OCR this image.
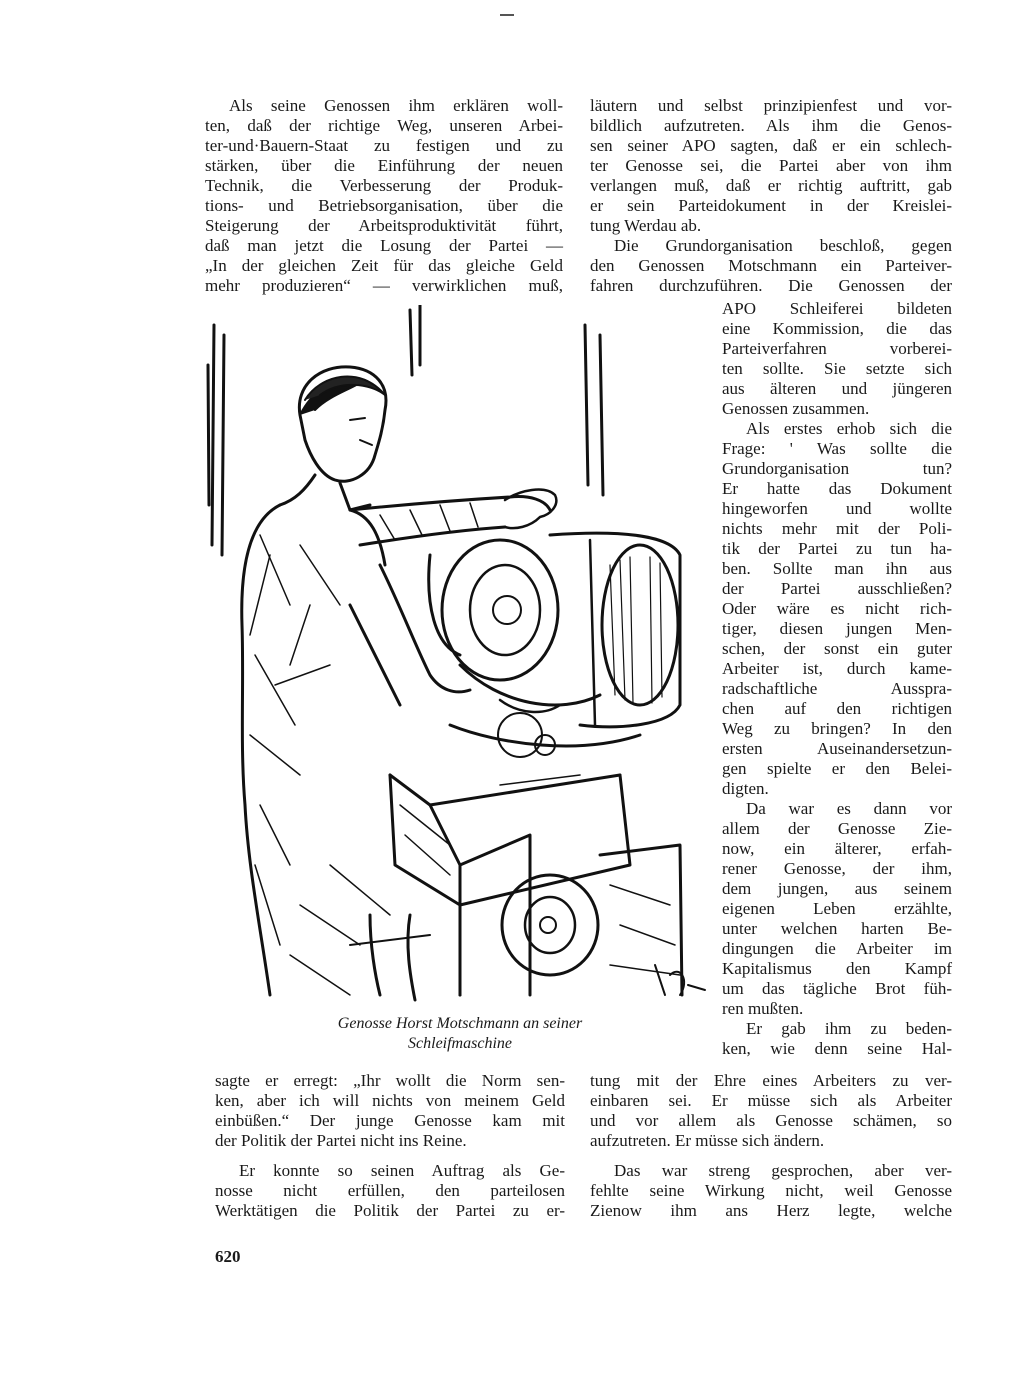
Als seine Genossen ihm erklären woll-
ten, daß der richtige Weg, unseren Arbei-
ter-und·Bauern-Staat zu festigen und zu
stärken, über die Einführung der neuen
Technik, die Verbesserung der Produk-
tions- und Betriebsorganisation, über die
Steigerung der Arbeitsproduktivität führt,
daß man jetzt die Losung der Partei —
„In der gleichen Zeit für das gleiche Geld
mehr produzieren“ — verwirklichen muß,
läutern und selbst prinzipienfest und vor-
bildlich aufzutreten. Als ihm die Genos-
sen seiner APO sagten, daß er ein schlech-
ter Genosse sei, die Partei aber von ihm
verlangen muß, daß er richtig auftritt, gab
er sein Parteidokument in der Kreislei-
tung Werdau ab.
Die Grundorganisation beschloß, gegen
den Genossen Motschmann ein Parteiver-
fahren durchzuführen. Die Genossen der
APO Schleiferei bildeten
eine Kommission, die das
Parteiverfahren vorberei-
ten sollte. Sie setzte sich
aus älteren und jüngeren
Genossen zusammen.
Als erstes erhob sich die
Frage: ' Was sollte die
Grundorganisation tun?
Er hatte das Dokument
hingeworfen und wollte
nichts mehr mit der Poli-
tik der Partei zu tun ha-
ben. Sollte man ihn aus
der Partei ausschließen?
Oder wäre es nicht rich-
tiger, diesen jungen Men-
schen, der sonst ein guter
Arbeiter ist, durch kame-
radschaftliche Ausspra-
chen auf den richtigen
Weg zu bringen? In den
ersten Auseinandersetzun-
gen spielte er den Belei-
digten.
Da war es dann vor
allem der Genosse Zie-
now, ein älterer, erfah-
rener Genosse, der ihm,
dem jungen, aus seinem
eigenen Leben erzählte,
unter welchen harten Be-
dingungen die Arbeiter im
Kapitalismus den Kampf
um das tägliche Brot füh-
ren mußten.
Er gab ihm zu beden-
ken, wie denn seine Hal-
Genosse Horst Motschmann an seiner
Schleifmaschine
sagte er erregt: „Ihr wollt die Norm sen-
ken, aber ich will nichts von meinem Geld
einbüßen.“ Der junge Genosse kam mit
der Politik der Partei nicht ins Reine.
Er konnte so seinen Auftrag als Ge-
nosse nicht erfüllen, den parteilosen
Werktätigen die Politik der Partei zu er-
tung mit der Ehre eines Arbeiters zu ver-
einbaren sei. Er müsse sich als Arbeiter
und vor allem als Genosse schämen, so
aufzutreten. Er müsse sich ändern.
Das war streng gesprochen, aber ver-
fehlte seine Wirkung nicht, weil Genosse
Zienow ihm ans Herz legte, welche
620
